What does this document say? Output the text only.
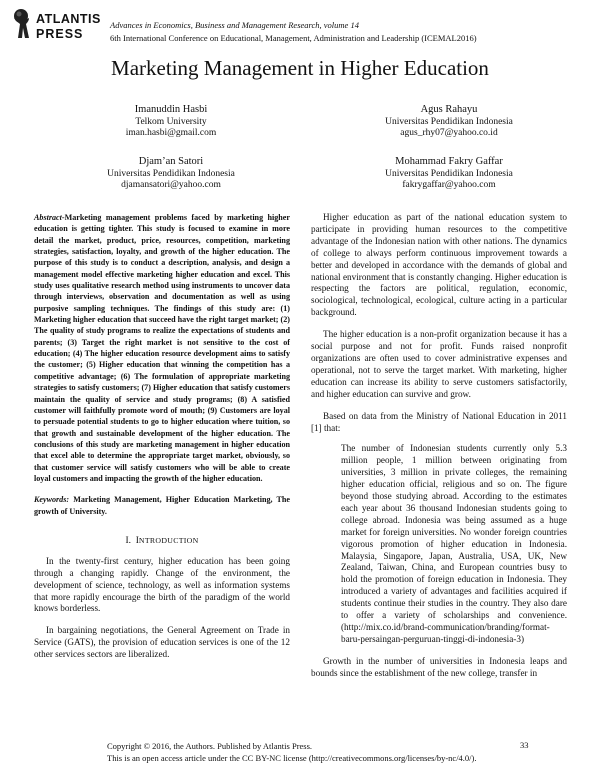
ATLANTIS
PRESS
Advances in Economics, Business and Management Research, volume 14
6th International Conference on Educational, Management, Administration and Leadership (ICEMAL2016)
Marketing Management in Higher Education
Imanuddin Hasbi
Telkom University
iman.hasbi@gmail.com
Agus Rahayu
Universitas Pendidikan Indonesia
agus_rhy07@yahoo.co.id
Djam’an Satori
Universitas Pendidikan Indonesia
djamansatori@yahoo.com
Mohammad Fakry Gaffar
Universitas Pendidikan Indonesia
fakrygaffar@yahoo.com

Abstract-Marketing management problems faced by marketing higher education is getting tighter. This study is focused to examine in more detail the market, product, price, resources, competition, marketing strategies, satisfaction, loyalty, and growth of the higher education. The purpose of this study is to conduct a description, analysis, and design a management model effective marketing higher education and excel. This study uses qualitative research method using instruments to uncover data through interviews, observation and documentation as well as using purposive sampling techniques. The findings of this study are: (1) Marketing higher education that succeed have the right target market; (2) The quality of study programs to realize the expectations of students and parents; (3) Target the right market is not sensitive to the cost of education; (4) The higher education resource development aims to satisfy the customer; (5) Higher education that winning the competition has a competitive advantage; (6) The formulation of appropriate marketing strategies to satisfy customers; (7) Higher education that satisfy customers maintain the quality of service and study programs; (8) A satisfied customer will faithfully promote word of mouth; (9) Customers are loyal to persuade potential students to go to higher education where tuition, so that growth and sustainable development of the higher education. The conclusions of this study are marketing management in higher education that excel able to determine the appropriate target market, obviously, so that customer service will satisfy customers who will be able to create loyal customers and impacting the growth of the higher education.

Keywords: Marketing Management, Higher Education Marketing, The growth of University.

I. INTRODUCTION

In the twenty-first century, higher education has been going through a changing rapidly. Change of the environment, the development of science, technology, as well as information systems that more rapidly encourage the birth of the paradigm of the world knows borderless.

In bargaining negotiations, the General Agreement on Trade in Service (GATS), the provision of education services is one of the 12 other services sectors are liberalized.

Higher education as part of the national education system to participate in providing human resources to the competitive advantage of the Indonesian nation with other nations. The dynamics of college to always perform continuous improvement towards a better and developed in accordance with the demands of global and national environment that is constantly changing. Higher education is respecting the factors are political, regulation, economic, sociological, technological, ecological, culture acting in a particular background.

The higher education is a non-profit organization because it has a social purpose and not for profit. Funds raised nonprofit organizations are often used to cover administrative expenses and operational, not to serve the target market. With marketing, higher education can increase its ability to serve customers satisfactorily, and higher education can survive and grow.

Based on data from the Ministry of National Education in 2011 [1] that:

The number of Indonesian students currently only 5.3 million people, 1 million between originating from universities, 3 million in private colleges, the remaining higher education official, religious and so on. The figure beyond those studying abroad. According to the estimates each year about 36 thousand Indonesian students going to college abroad. Indonesia was being assumed as a huge market for foreign universities. No wonder foreign countries vigorous promotion of higher education in Indonesia. Malaysia, Singapore, Japan, Australia, USA, UK, New Zealand, Taiwan, China, and European countries busy to hold the promotion of foreign education in Indonesia. They introduced a variety of advantages and facilities acquired if students continue their studies in the country. They also dare to offer a variety of scholarships and convenience. (http://mix.co.id/brand-communication/branding/format-baru-persaingan-perguruan-tinggi-di-indonesia-3)

Growth in the number of universities in Indonesia leaps and bounds since the establishment of the new college, transfer in

Copyright © 2016, the Authors. Published by Atlantis Press.
This is an open access article under the CC BY-NC license (http://creativecommons.org/licenses/by-nc/4.0/).
33
